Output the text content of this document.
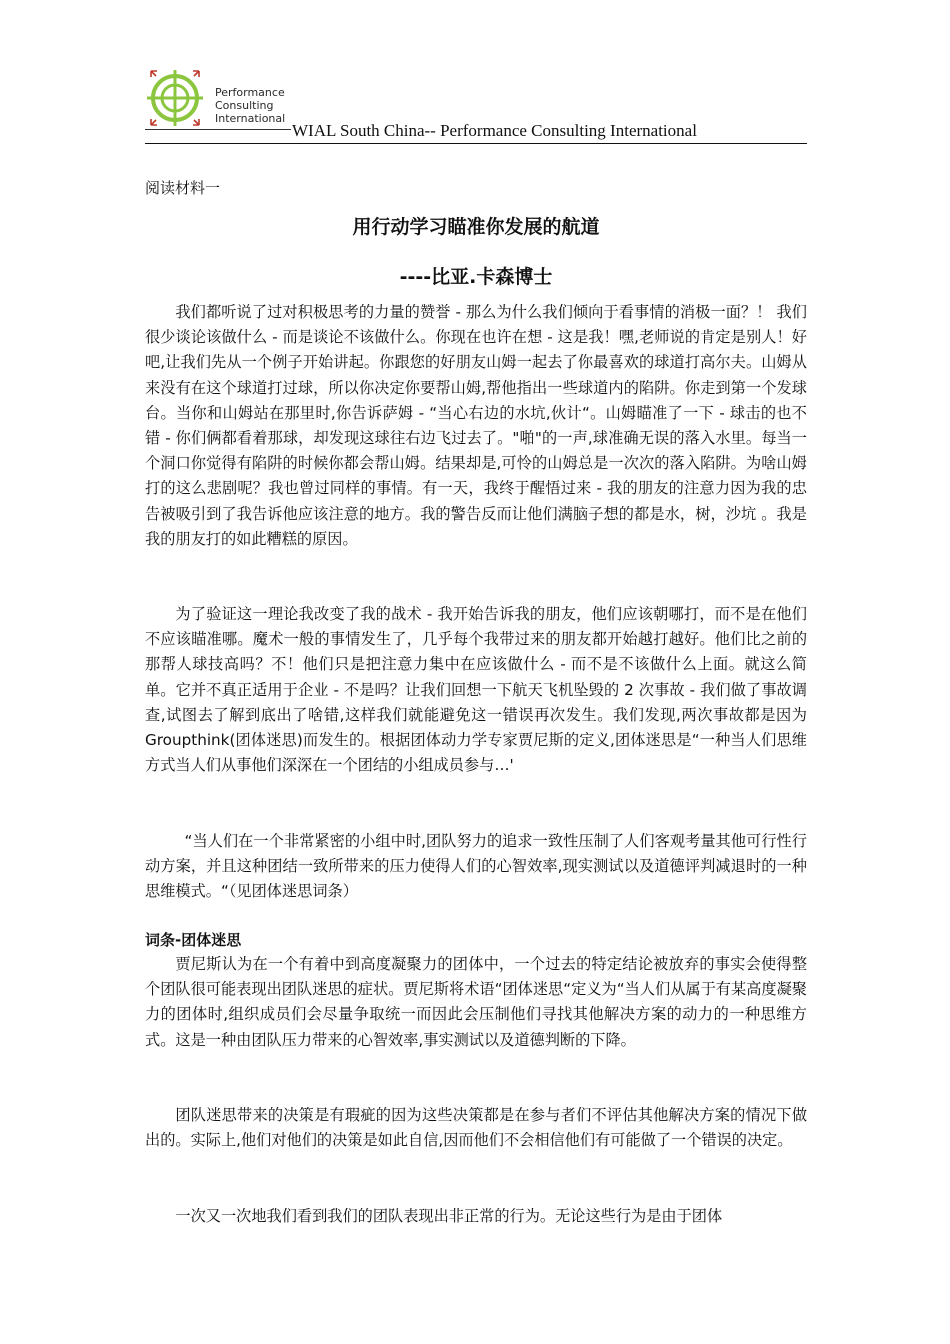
Performance
Consulting
International
WIAL South China-- Performance Consulting International
阅读材料一
用行动学习瞄准你发展的航道
----比亚.卡森博士

我们都听说了过对积极思考的力量的赞誉 - 那么为什么我们倾向于看事情的消极一面？！ 我们很少谈论该做什么 - 而是谈论不该做什么。你现在也许在想 - 这是我！嘿,老师说的肯定是别人！好吧,让我们先从一个例子开始讲起。你跟您的好朋友山姆一起去了你最喜欢的球道打高尔夫。山姆从来没有在这个球道打过球，所以你决定你要帮山姆,帮他指出一些球道内的陷阱。你走到第一个发球台。当你和山姆站在那里时,你告诉萨姆 - “当心右边的水坑,伙计“。山姆瞄准了一下 - 球击的也不错 - 你们俩都看着那球，却发现这球往右边飞过去了。"啪"的一声,球准确无误的落入水里。每当一个洞口你觉得有陷阱的时候你都会帮山姆。结果却是,可怜的山姆总是一次次的落入陷阱。为啥山姆打的这么悲剧呢？我也曾过同样的事情。有一天，我终于醒悟过来 - 我的朋友的注意力因为我的忠告被吸引到了我告诉他应该注意的地方。我的警告反而让他们满脑子想的都是水，树，沙坑 。我是我的朋友打的如此糟糕的原因。

为了验证这一理论我改变了我的战术 - 我开始告诉我的朋友，他们应该朝哪打，而不是在他们不应该瞄准哪。魔术一般的事情发生了，几乎每个我带过来的朋友都开始越打越好。他们比之前的那帮人球技高吗？不！他们只是把注意力集中在应该做什么 - 而不是不该做什么上面。就这么简单。它并不真正适用于企业 - 不是吗？让我们回想一下航天飞机坠毁的 2 次事故 - 我们做了事故调查,试图去了解到底出了啥错,这样我们就能避免这一错误再次发生。我们发现,两次事故都是因为 Groupthink(团体迷思)而发生的。根据团体动力学专家贾尼斯的定义,团体迷思是“一种当人们思维方式当人们从事他们深深在一个团结的小组成员参与…'

“当人们在一个非常紧密的小组中时,团队努力的追求一致性压制了人们客观考量其他可行性行动方案，并且这种团结一致所带来的压力使得人们的心智效率,现实测试以及道德评判减退时的一种思维模式。“（见团体迷思词条）

词条-团体迷思

贾尼斯认为在一个有着中到高度凝聚力的团体中，一个过去的特定结论被放弃的事实会使得整个团队很可能表现出团队迷思的症状。贾尼斯将术语“团体迷思“定义为“当人们从属于有某高度凝聚力的团体时,组织成员们会尽量争取统一而因此会压制他们寻找其他解决方案的动力的一种思维方式。这是一种由团队压力带来的心智效率,事实测试以及道德判断的下降。

团队迷思带来的决策是有瑕疵的因为这些决策都是在参与者们不评估其他解决方案的情况下做出的。实际上,他们对他们的决策是如此自信,因而他们不会相信他们有可能做了一个错误的决定。

一次又一次地我们看到我们的团队表现出非正常的行为。无论这些行为是由于团体
